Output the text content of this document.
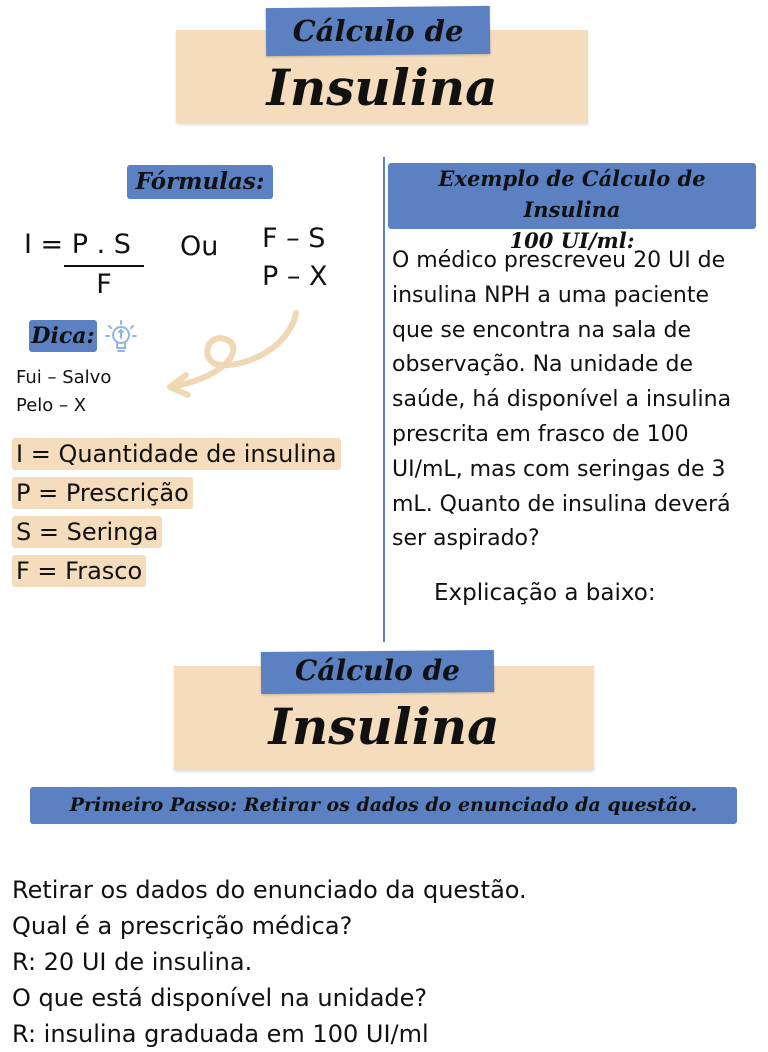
Cálculo de
Insulina
Fórmulas:
I = P . S
F
Ou F – S
P – X
Dica:
Fui – Salvo
Pelo – X
I = Quantidade de insulina
P = Prescrição
S = Seringa
F = Frasco
Exemplo de Cálculo de Insulina
100 UI/ml:
O médico prescreveu 20 UI de
insulina NPH a uma paciente
que se encontra na sala de
observação. Na unidade de
saúde, há disponível a insulina
prescrita em frasco de 100
UI/mL, mas com seringas de 3
mL. Quanto de insulina deverá
ser aspirado?
Explicação a baixo:
Cálculo de
Insulina
Primeiro Passo: Retirar os dados do enunciado da questão.
Retirar os dados do enunciado da questão.
Qual é a prescrição médica?
R: 20 UI de insulina.
O que está disponível na unidade?
R: insulina graduada em 100 UI/ml
